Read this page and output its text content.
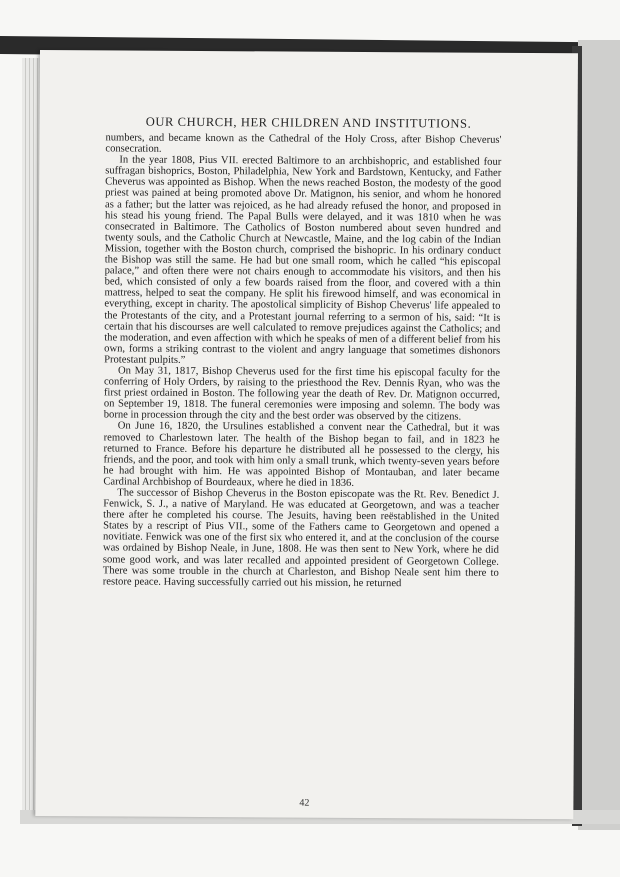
OUR CHURCH, HER CHILDREN AND INSTITUTIONS.

numbers, and became known as the Cathedral of the Holy Cross, after Bishop Cheverus' consecration.

In the year 1808, Pius VII. erected Baltimore to an archbishopric, and established four suffragan bishoprics, Boston, Philadelphia, New York and Bardstown, Kentucky, and Father Cheverus was appointed as Bishop. When the news reached Boston, the modesty of the good priest was pained at being promoted above Dr. Matignon, his senior, and whom he honored as a father; but the latter was rejoiced, as he had already refused the honor, and proposed in his stead his young friend. The Papal Bulls were delayed, and it was 1810 when he was consecrated in Baltimore. The Catholics of Boston numbered about seven hundred and twenty souls, and the Catholic Church at Newcastle, Maine, and the log cabin of the Indian Mission, together with the Boston church, comprised the bishopric. In his ordinary conduct the Bishop was still the same. He had but one small room, which he called “his episcopal palace,” and often there were not chairs enough to accommodate his visitors, and then his bed, which consisted of only a few boards raised from the floor, and covered with a thin mattress, helped to seat the company. He split his firewood himself, and was economical in everything, except in charity. The apostolical simplicity of Bishop Cheverus' life appealed to the Protestants of the city, and a Protestant journal referring to a sermon of his, said: “It is certain that his discourses are well calculated to remove prejudices against the Catholics; and the moderation, and even affection with which he speaks of men of a different belief from his own, forms a striking contrast to the violent and angry language that sometimes dishonors Protestant pulpits.”

On May 31, 1817, Bishop Cheverus used for the first time his episcopal faculty for the conferring of Holy Orders, by raising to the priesthood the Rev. Dennis Ryan, who was the first priest ordained in Boston. The following year the death of Rev. Dr. Matignon occurred, on September 19, 1818. The funeral ceremonies were imposing and solemn. The body was borne in procession through the city and the best order was observed by the citizens.

On June 16, 1820, the Ursulines established a convent near the Cathedral, but it was removed to Charlestown later. The health of the Bishop began to fail, and in 1823 he returned to France. Before his departure he distributed all he possessed to the clergy, his friends, and the poor, and took with him only a small trunk, which twenty-seven years before he had brought with him. He was appointed Bishop of Montauban, and later became Cardinal Archbishop of Bourdeaux, where he died in 1836.

The successor of Bishop Cheverus in the Boston episcopate was the Rt. Rev. Benedict J. Fenwick, S. J., a native of Maryland. He was educated at Georgetown, and was a teacher there after he completed his course. The Jesuits, having been reëstablished in the United States by a rescript of Pius VII., some of the Fathers came to Georgetown and opened a novitiate. Fenwick was one of the first six who entered it, and at the conclusion of the course was ordained by Bishop Neale, in June, 1808. He was then sent to New York, where he did some good work, and was later recalled and appointed president of Georgetown College. There was some trouble in the church at Charleston, and Bishop Neale sent him there to restore peace. Having successfully carried out his mission, he returned

42
